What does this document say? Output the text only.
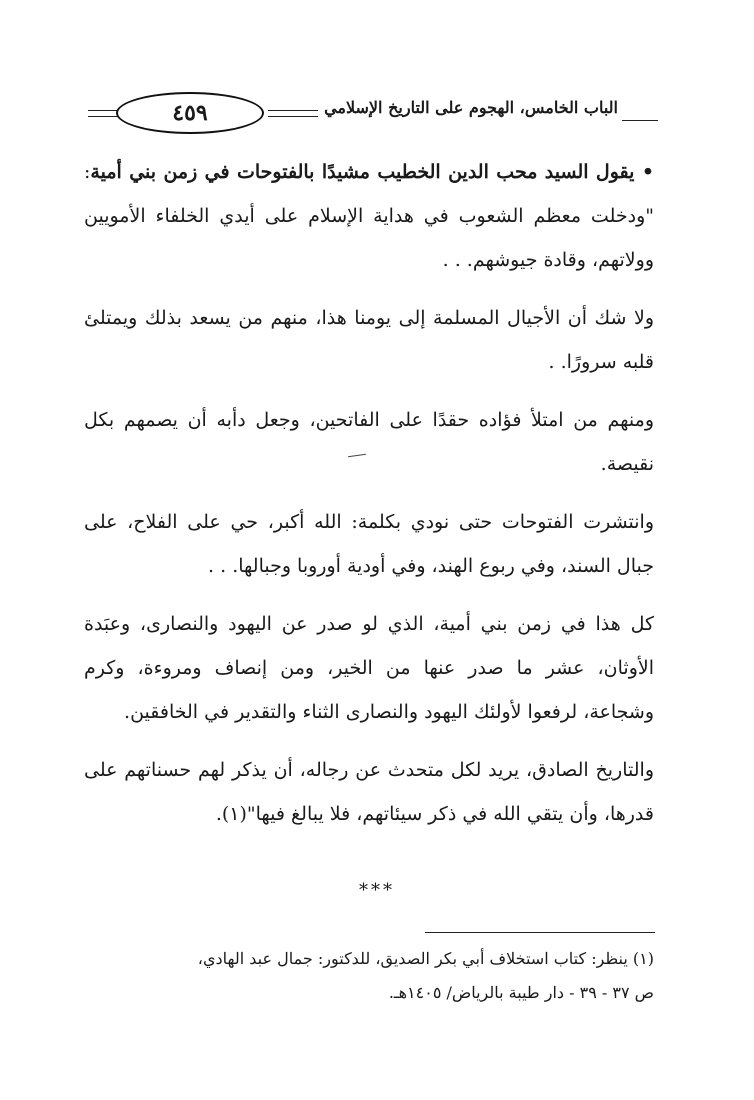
٤٥٩	الباب الخامس، الهجوم على التاريخ الإسلامي

• يقول السيد محب الدين الخطيب مشيدًا بالفتوحات في زمن بني أمية: "ودخلت معظم الشعوب في هداية الإسلام على أيدي الخلفاء الأمويين وولاتهم، وقادة جيوشهم. . .

ولا شك أن الأجيال المسلمة إلى يومنا هذا، منهم من يسعد بذلك ويمتلئ قلبه سرورًا. .

ومنهم من امتلأ فؤاده حقدًا على الفاتحين، وجعل دأبه أن يصمهم بكل نقيصة.

وانتشرت الفتوحات حتى نودي بكلمة: الله أكبر، حي على الفلاح، على جبال السند، وفي ربوع الهند، وفي أودية أوروبا وجبالها. . .

كل هذا في زمن بني أمية، الذي لو صدر عن اليهود والنصارى، وعبَدة الأوثان، عشر ما صدر عنها من الخير، ومن إنصاف ومروءة، وكرم وشجاعة، لرفعوا لأولئك اليهود والنصارى الثناء والتقدير في الخافقين.

والتاريخ الصادق، يريد لكل متحدث عن رجاله، أن يذكر لهم حسناتهم على قدرها، وأن يتقي الله في ذكر سيئاتهم، فلا يبالغ فيها"(١).

***

(١) ينظر: كتاب استخلاف أبي بكر الصديق، للدكتور: جمال عبد الهادي،

ص ٣٧ - ٣٩ - دار طيبة بالرياض/ ١٤٠٥هـ.
